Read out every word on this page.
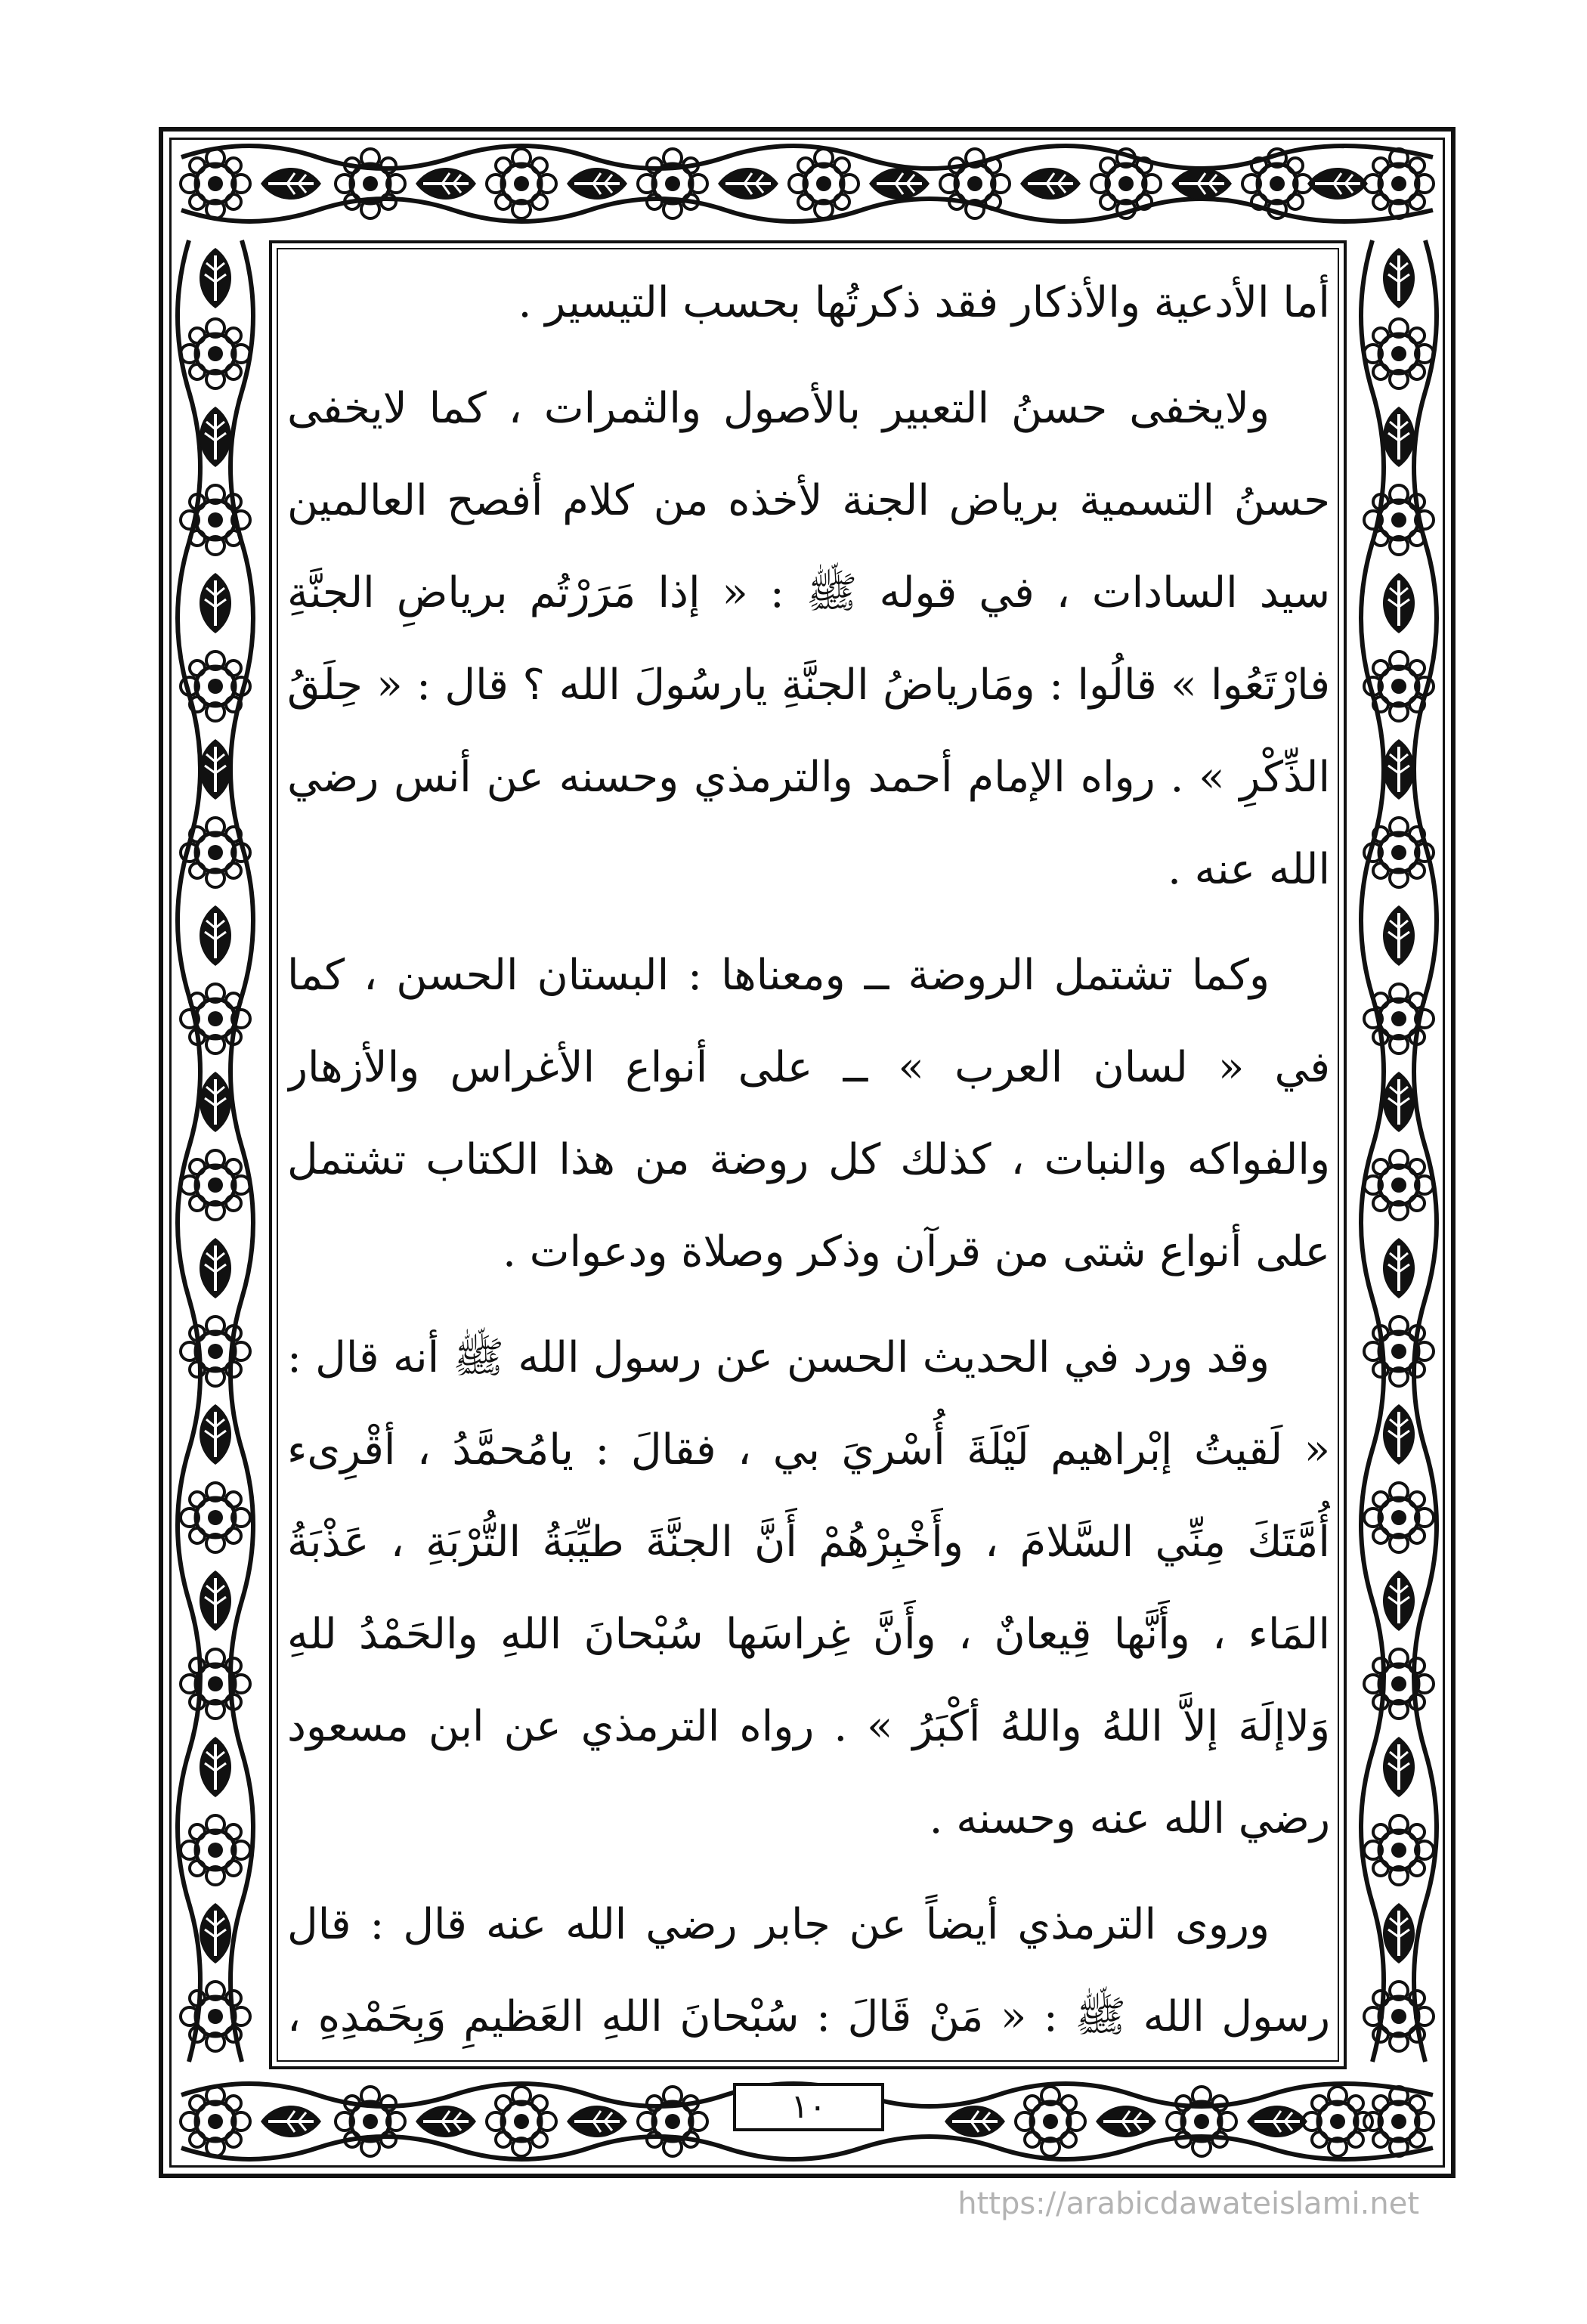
أما الأدعية والأذكار فقد ذكرتُها بحسب التيسير .

ولايخفى حسنُ التعبير بالأصول والثمرات ، كما لايخفى حسنُ التسمية برياض الجنة لأخذه من كلام أفصح العالمين سيد السادات ، في قوله ﷺ : « إذا مَرَرْتُم برياضِ الجنَّةِ فارْتَعُوا » قالُوا : ومَارياضُ الجنَّةِ يارسُولَ الله ؟ قال : « حِلَقُ الذِّكْرِ » . رواه الإمام أحمد والترمذي وحسنه عن أنس رضي الله عنه .

وكما تشتمل الروضة ــ ومعناها : البستان الحسن ، كما في « لسان العرب » ــ على أنواع الأغراس والأزهار والفواكه والنبات ، كذلك كل روضة من هذا الكتاب تشتمل على أنواع شتى من قرآن وذكر وصلاة ودعوات .

وقد ورد في الحديث الحسن عن رسول الله ﷺ أنه قال : « لَقيتُ إبْراهيم لَيْلَةَ أُسْريَ بي ، فقالَ : يامُحمَّدُ ، أقْرِىء أُمَّتَكَ مِنِّي السَّلامَ ، وأَخْبِرْهُمْ أَنَّ الجنَّةَ طيِّبَةُ التُّرْبَةِ ، عَذْبَةُ المَاء ، وأَنَّها قِيعانٌ ، وأَنَّ غِراسَها سُبْحانَ اللهِ والحَمْدُ للهِ وَلاإلَهَ إلاَّ اللهُ واللهُ أكْبَرُ » . رواه الترمذي عن ابن مسعود رضي الله عنه وحسنه .

وروى الترمذي أيضاً عن جابر رضي الله عنه قال : قال رسول الله ﷺ : « مَنْ قَالَ : سُبْحانَ اللهِ العَظيمِ وَبِحَمْدِهِ ،

١٠
https://arabicdawateislami.net
